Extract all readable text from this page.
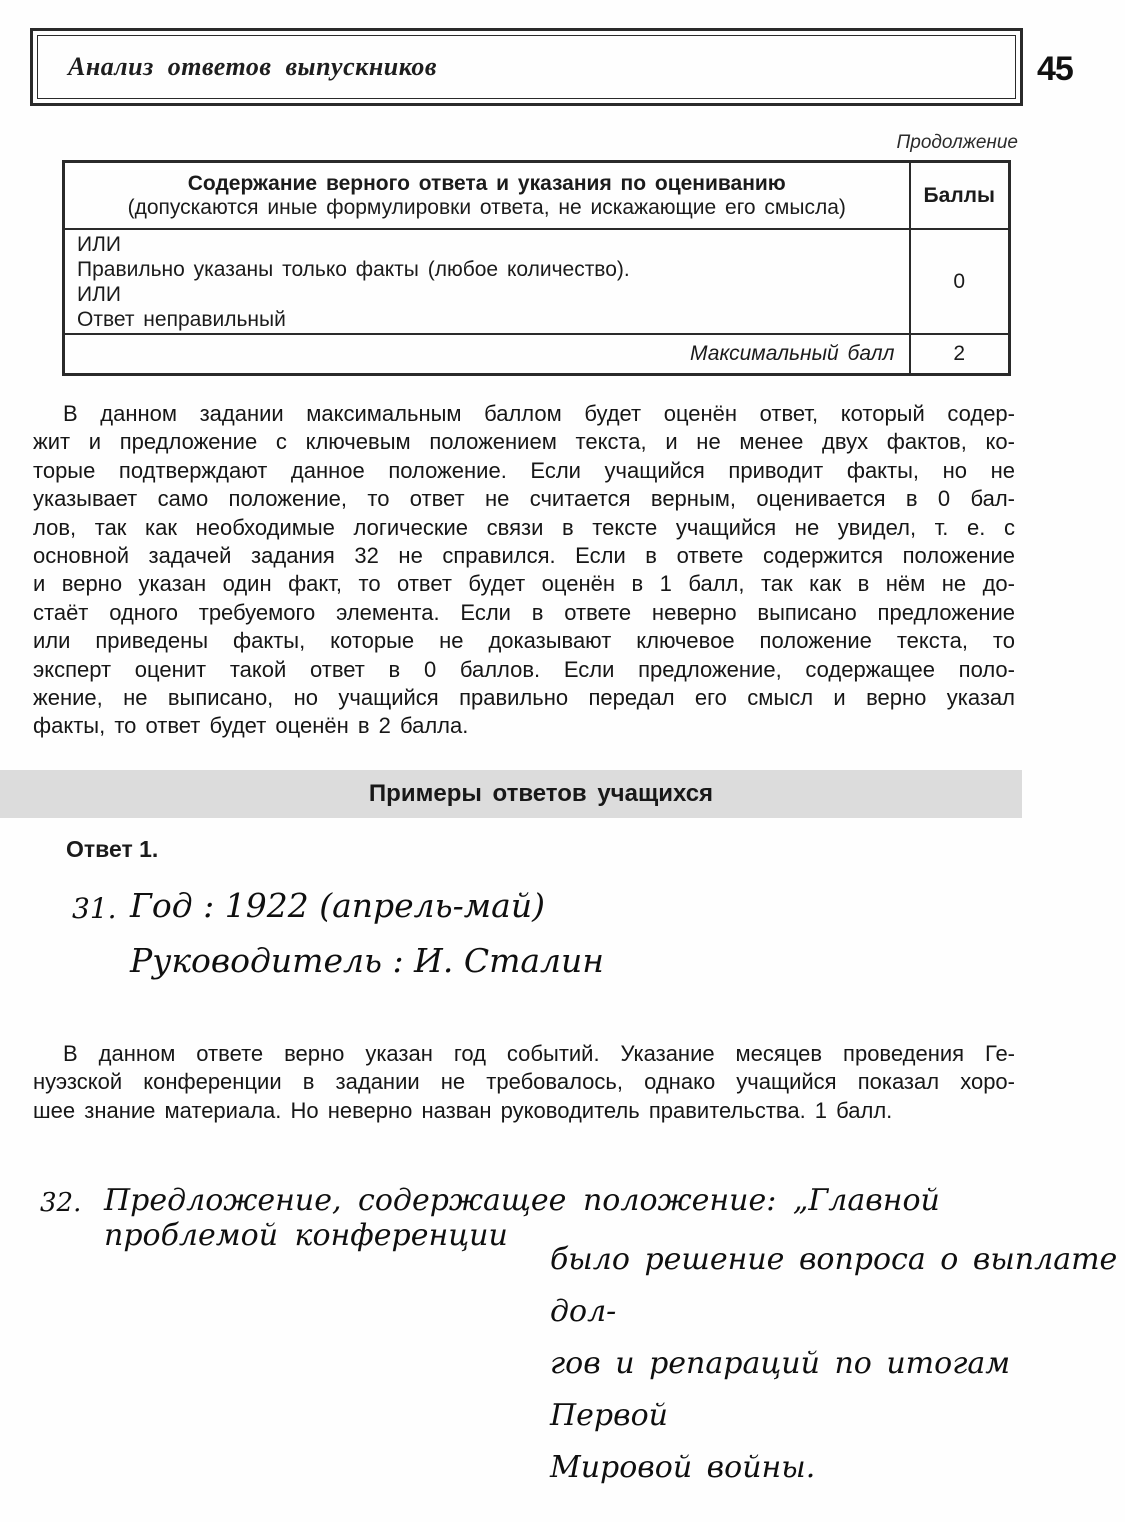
Анализ ответов выпускников	45
Продолжение
Содержание верного ответа и указания по оцениванию
(допускаются иные формулировки ответа, не искажающие его смысла)	Баллы

ИЛИ
Правильно указаны только факты (любое количество).
ИЛИ
Ответ неправильный	0
Максимальный балл	2
В данном задании максимальным баллом будет оценён ответ, который содер-
жит и предложение с ключевым положением текста, и не менее двух фактов, ко-
торые подтверждают данное положение. Если учащийся приводит факты, но не
указывает само положение, то ответ не считается верным, оценивается в 0 бал-
лов, так как необходимые логические связи в тексте учащийся не увидел, т. е. с
основной задачей задания 32 не справился. Если в ответе содержится положение
и верно указан один факт, то ответ будет оценён в 1 балл, так как в нём не до-
стаёт одного требуемого элемента. Если в ответе неверно выписано предложение
или приведены факты, которые не доказывают ключевое положение текста, то
эксперт оценит такой ответ в 0 баллов. Если предложение, содержащее поло-
жение, не выписано, но учащийся правильно передал его смысл и верно указал
факты, то ответ будет оценён в 2 балла.
Примеры ответов учащихся
Ответ 1.
31. Год : 1922 (апрель-май)
Руководитель : И. Сталин
В данном ответе верно указан год событий. Указание месяцев проведения Ге-
нуэзской конференции в задании не требовалось, однако учащийся показал хоро-
шее знание материала. Но неверно назван руководитель правительства. 1 балл.
32. Предложение, содержащее положение: „Главной проблемой конференции
было решение вопроса о выплате дол-
гов и репараций по итогам Первой
Мировой войны.
